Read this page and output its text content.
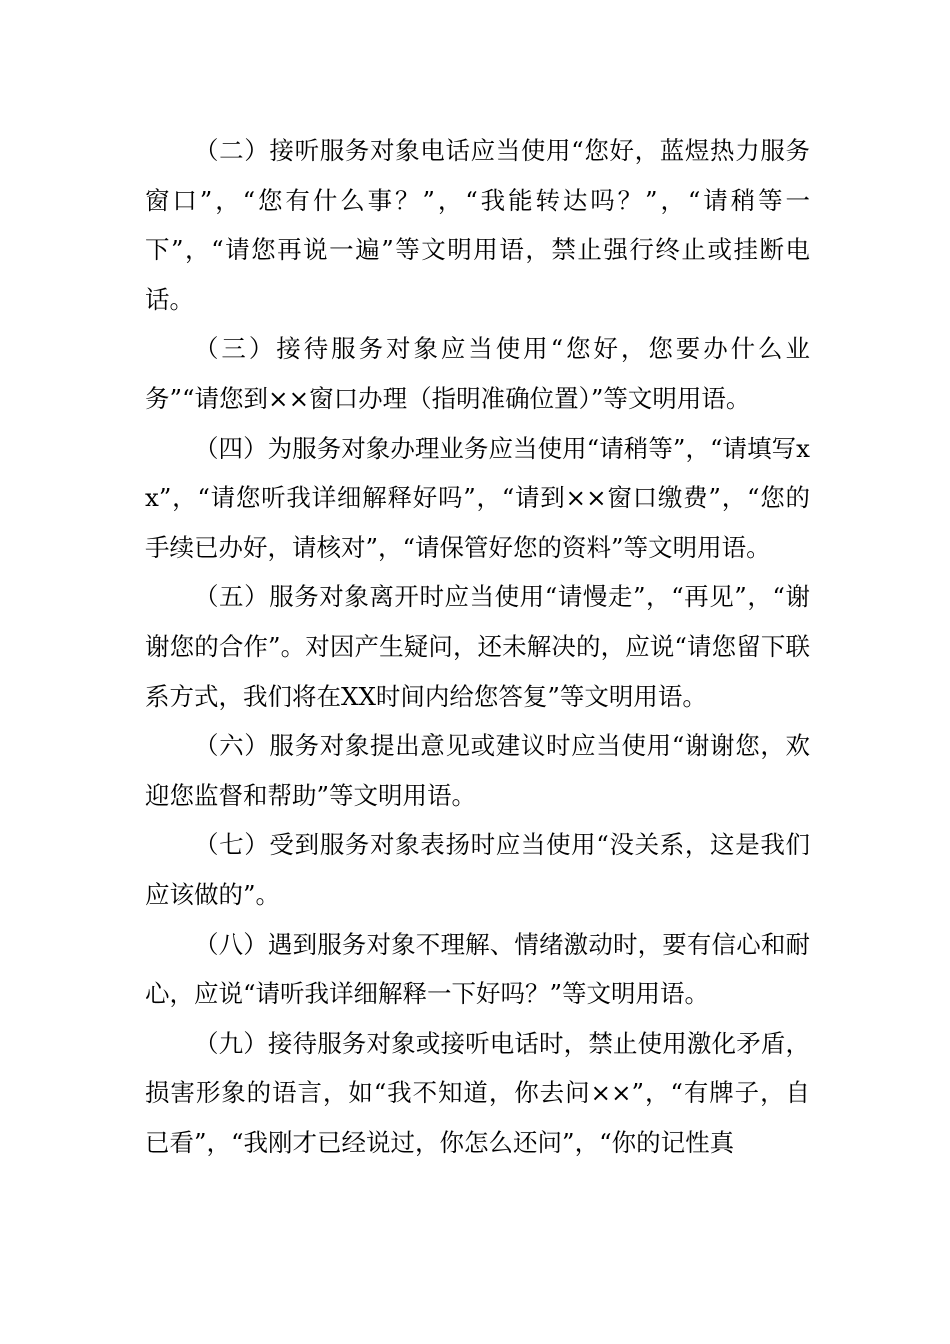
（二）接听服务对象电话应当使用“您好，蓝煜热力服务窗口”，“您有什么事？”，“我能转达吗？”，“请稍等一下”，“请您再说一遍”等文明用语，禁止强行终止或挂断电话。

（三）接待服务对象应当使用“您好，您要办什么业务”“请您到××窗口办理（指明准确位置）”等文明用语。

（四）为服务对象办理业务应当使用“请稍等”，“请填写xx”，“请您听我详细解释好吗”，“请到××窗口缴费”，“您的手续已办好，请核对”，“请保管好您的资料”等文明用语。

（五）服务对象离开时应当使用“请慢走”，“再见”，“谢谢您的合作”。对因产生疑问，还未解决的，应说“请您留下联系方式，我们将在XX时间内给您答复”等文明用语。

（六）服务对象提出意见或建议时应当使用“谢谢您，欢迎您监督和帮助”等文明用语。

（七）受到服务对象表扬时应当使用“没关系，这是我们应该做的”。

（八）遇到服务对象不理解、情绪激动时，要有信心和耐心，应说“请听我详细解释一下好吗？”等文明用语。

（九）接待服务对象或接听电话时，禁止使用激化矛盾，损害形象的语言，如“我不知道，你去问××”，“有牌子，自已看”，“我刚才已经说过，你怎么还问”，“你的记性真
